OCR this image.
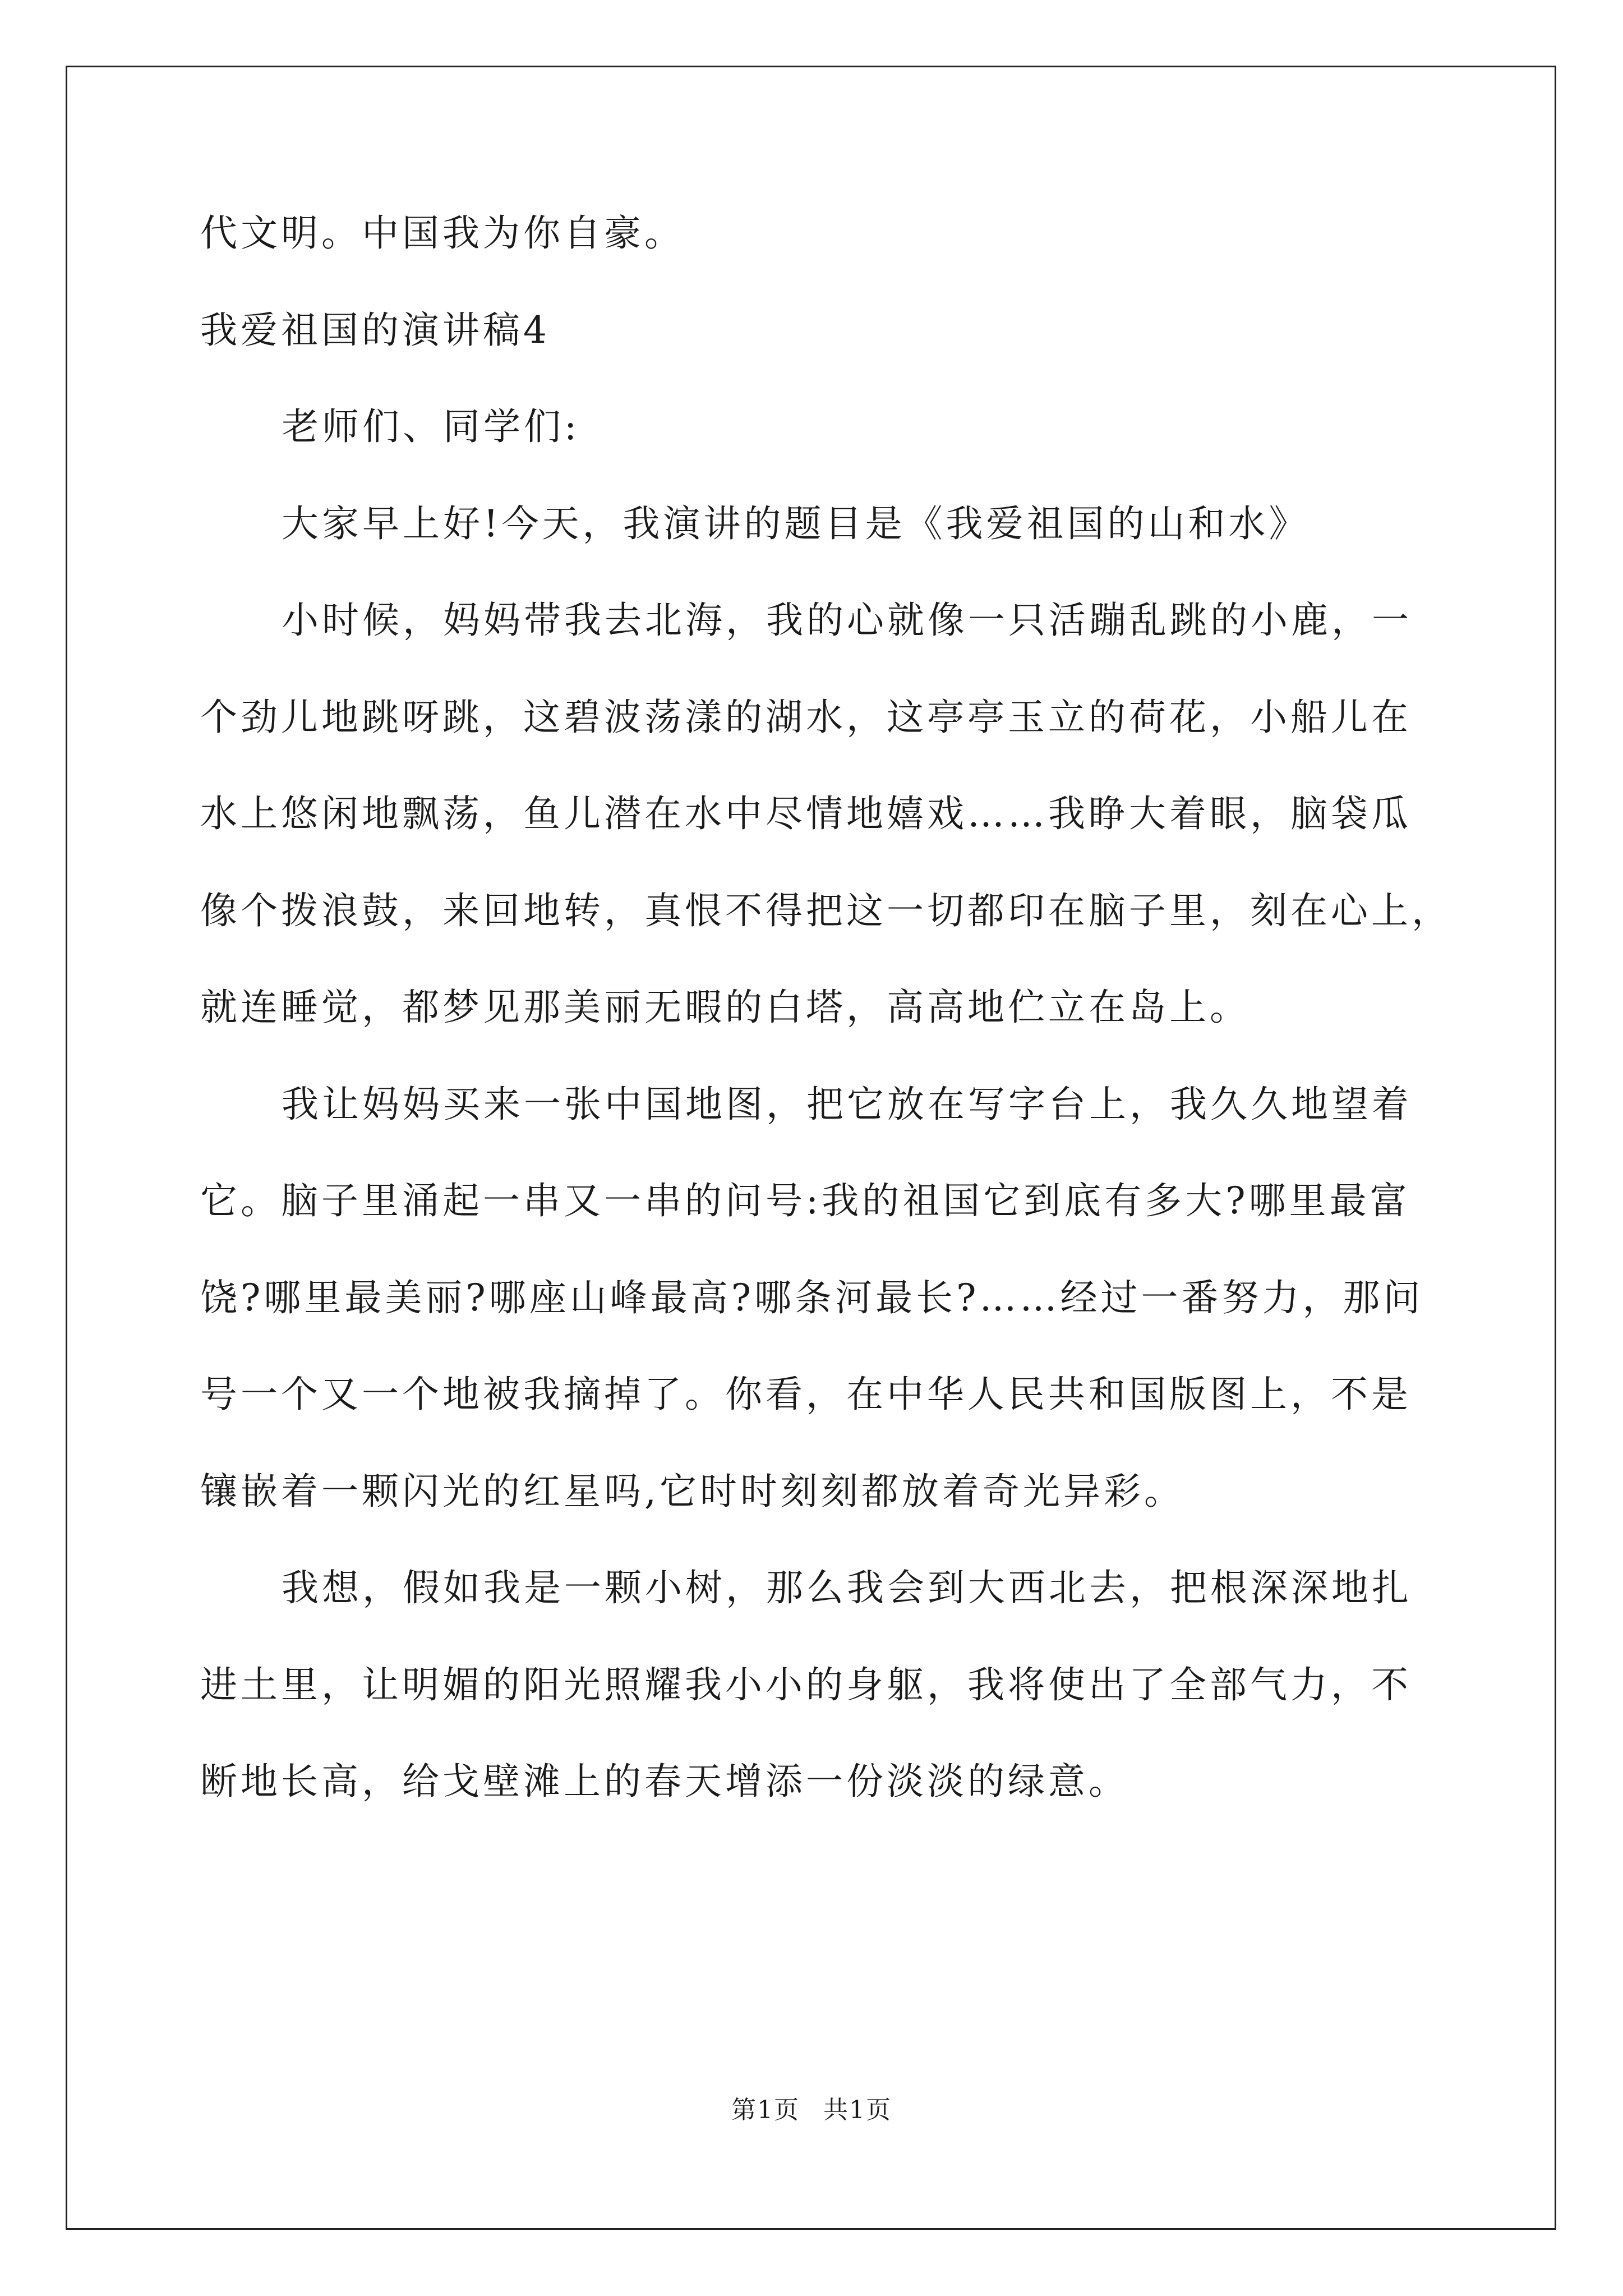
代文明。中国我为你自豪。
我爱祖国的演讲稿4
老师们、同学们:
大家早上好!今天，我演讲的题目是《我爱祖国的山和水》
小时候，妈妈带我去北海，我的心就像一只活蹦乱跳的小鹿，一
个劲儿地跳呀跳，这碧波荡漾的湖水，这亭亭玉立的荷花，小船儿在
水上悠闲地飘荡，鱼儿潜在水中尽情地嬉戏……我睁大着眼，脑袋瓜
像个拨浪鼓，来回地转，真恨不得把这一切都印在脑子里，刻在心上，
就连睡觉，都梦见那美丽无暇的白塔，高高地伫立在岛上。
我让妈妈买来一张中国地图，把它放在写字台上，我久久地望着
它。脑子里涌起一串又一串的问号:我的祖国它到底有多大?哪里最富
饶?哪里最美丽?哪座山峰最高?哪条河最长?……经过一番努力，那问
号一个又一个地被我摘掉了。你看，在中华人民共和国版图上，不是
镶嵌着一颗闪光的红星吗,它时时刻刻都放着奇光异彩。
我想，假如我是一颗小树，那么我会到大西北去，把根深深地扎
进土里，让明媚的阳光照耀我小小的身躯，我将使出了全部气力，不
断地长高，给戈壁滩上的春天增添一份淡淡的绿意。
第1页 共1页
